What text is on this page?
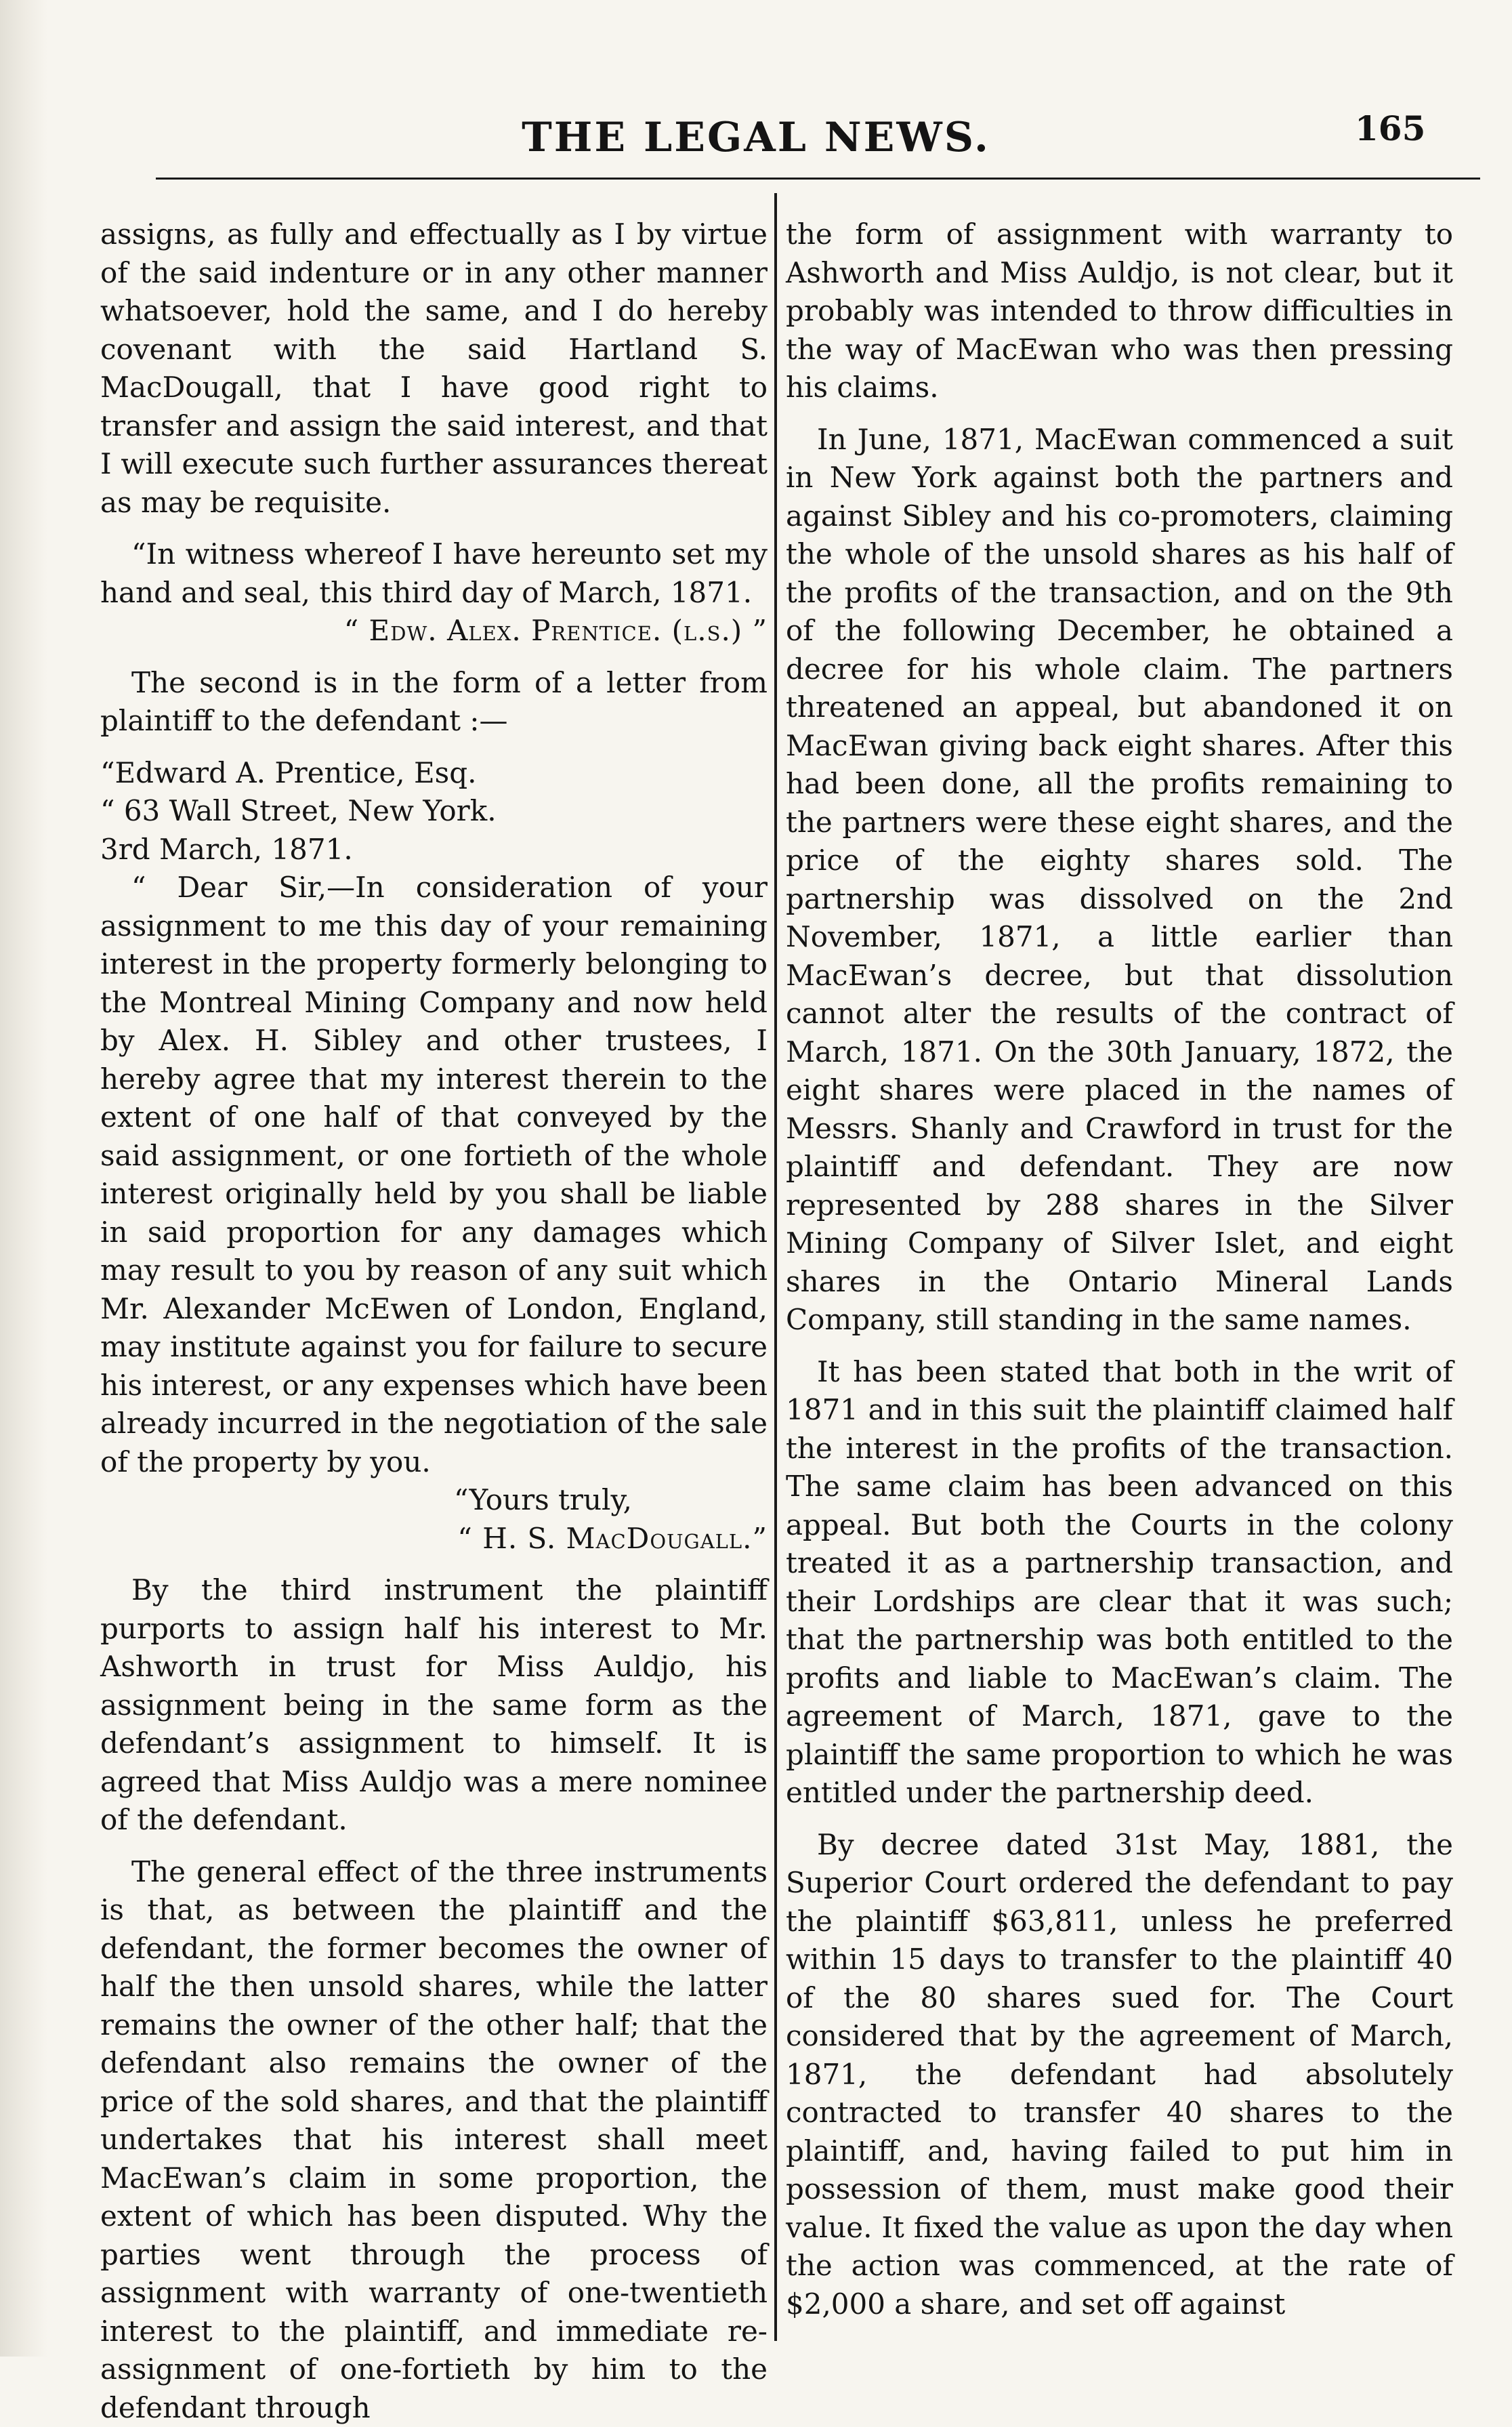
THE LEGAL NEWS.	165

assigns, as fully and effectually as I by virtue of the said indenture or in any other manner whatsoever, hold the same, and I do hereby covenant with the said Hartland S. MacDougall, that I have good right to transfer and assign the said interest, and that I will execute such further assurances thereat as may be requisite.

“In witness whereof I have hereunto set my hand and seal, this third day of March, 1871.

“ Edw. Alex. Prentice. (l.s.) ”

The second is in the form of a letter from plaintiff to the defendant :—

“Edward A. Prentice, Esq.

“ 63 Wall Street, New York.

3rd March, 1871.

“ Dear Sir,—In consideration of your assignment to me this day of your remaining interest in the property formerly belonging to the Montreal Mining Company and now held by Alex. H. Sibley and other trustees, I hereby agree that my interest therein to the extent of one half of that conveyed by the said assignment, or one fortieth of the whole interest originally held by you shall be liable in said proportion for any damages which may result to you by reason of any suit which Mr. Alexander McEwen of London, England, may institute against you for failure to secure his interest, or any expenses which have been already incurred in the negotiation of the sale of the property by you.

“Yours truly,

“ H. S. MacDougall.”

By the third instrument the plaintiff purports to assign half his interest to Mr. Ashworth in trust for Miss Auldjo, his assignment being in the same form as the defendant’s assignment to himself. It is agreed that Miss Auldjo was a mere nominee of the defendant.

The general effect of the three instruments is that, as between the plaintiff and the defendant, the former becomes the owner of half the then unsold shares, while the latter remains the owner of the other half; that the defendant also remains the owner of the price of the sold shares, and that the plaintiff undertakes that his interest shall meet MacEwan’s claim in some proportion, the extent of which has been disputed. Why the parties went through the process of assignment with warranty of one-twentieth interest to the plaintiff, and immediate re-assignment of one-fortieth by him to the defendant through

the form of assignment with warranty to Ashworth and Miss Auldjo, is not clear, but it probably was intended to throw difficulties in the way of MacEwan who was then pressing his claims.

In June, 1871, MacEwan commenced a suit in New York against both the partners and against Sibley and his co-promoters, claiming the whole of the unsold shares as his half of the profits of the transaction, and on the 9th of the following December, he obtained a decree for his whole claim. The partners threatened an appeal, but abandoned it on MacEwan giving back eight shares. After this had been done, all the profits remaining to the partners were these eight shares, and the price of the eighty shares sold. The partnership was dissolved on the 2nd November, 1871, a little earlier than MacEwan’s decree, but that dissolution cannot alter the results of the contract of March, 1871. On the 30th January, 1872, the eight shares were placed in the names of Messrs. Shanly and Crawford in trust for the plaintiff and defendant. They are now represented by 288 shares in the Silver Mining Company of Silver Islet, and eight shares in the Ontario Mineral Lands Company, still standing in the same names.

It has been stated that both in the writ of 1871 and in this suit the plaintiff claimed half the interest in the profits of the transaction. The same claim has been advanced on this appeal. But both the Courts in the colony treated it as a partnership transaction, and their Lordships are clear that it was such; that the partnership was both entitled to the profits and liable to MacEwan’s claim. The agreement of March, 1871, gave to the plaintiff the same proportion to which he was entitled under the partnership deed.

By decree dated 31st May, 1881, the Superior Court ordered the defendant to pay the plaintiff $63,811, unless he preferred within 15 days to transfer to the plaintiff 40 of the 80 shares sued for. The Court considered that by the agreement of March, 1871, the defendant had absolutely contracted to transfer 40 shares to the plaintiff, and, having failed to put him in possession of them, must make good their value. It fixed the value as upon the day when the action was commenced, at the rate of $2,000 a share, and set off against
